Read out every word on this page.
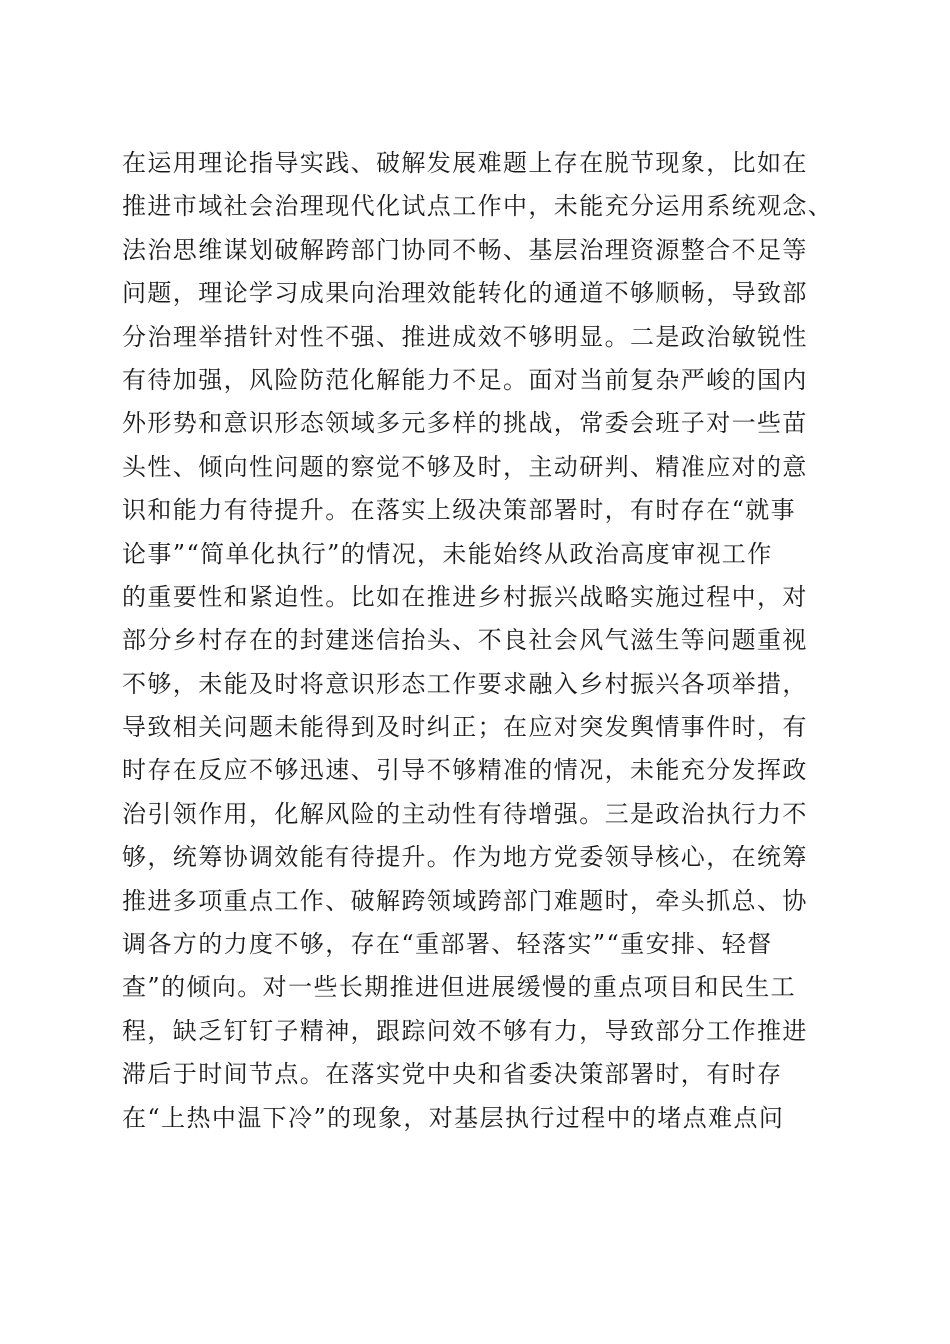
在运用理论指导实践、破解发展难题上存在脱节现象，比如在
推进市域社会治理现代化试点工作中，未能充分运用系统观念、
法治思维谋划破解跨部门协同不畅、基层治理资源整合不足等
问题，理论学习成果向治理效能转化的通道不够顺畅，导致部
分治理举措针对性不强、推进成效不够明显。二是政治敏锐性
有待加强，风险防范化解能力不足。面对当前复杂严峻的国内
外形势和意识形态领域多元多样的挑战，常委会班子对一些苗
头性、倾向性问题的察觉不够及时，主动研判、精准应对的意
识和能力有待提升。在落实上级决策部署时，有时存在“就事
论事”“简单化执行”的情况，未能始终从政治高度审视工作
的重要性和紧迫性。比如在推进乡村振兴战略实施过程中，对
部分乡村存在的封建迷信抬头、不良社会风气滋生等问题重视
不够，未能及时将意识形态工作要求融入乡村振兴各项举措，
导致相关问题未能得到及时纠正；在应对突发舆情事件时，有
时存在反应不够迅速、引导不够精准的情况，未能充分发挥政
治引领作用，化解风险的主动性有待增强。三是政治执行力不
够，统筹协调效能有待提升。作为地方党委领导核心，在统筹
推进多项重点工作、破解跨领域跨部门难题时，牵头抓总、协
调各方的力度不够，存在“重部署、轻落实”“重安排、轻督
查”的倾向。对一些长期推进但进展缓慢的重点项目和民生工
程，缺乏钉钉子精神，跟踪问效不够有力，导致部分工作推进
滞后于时间节点。在落实党中央和省委决策部署时，有时存
在“上热中温下冷”的现象，对基层执行过程中的堵点难点问
